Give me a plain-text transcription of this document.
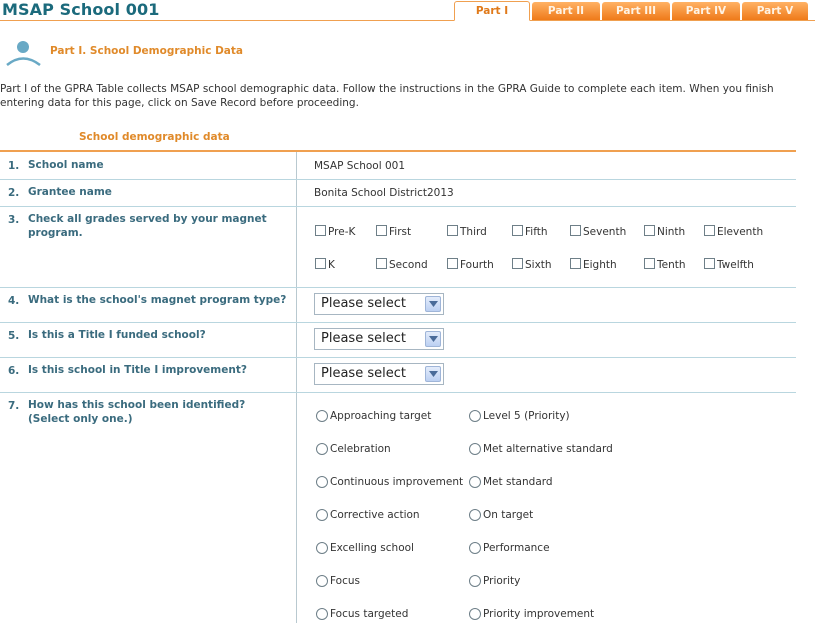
MSAP School 001	Part I	Part II	Part III	Part IV	Part V
Part I. School Demographic Data
Part I of the GPRA Table collects MSAP school demographic data. Follow the instructions in the GPRA Guide to complete each item. When you finish entering data for this page, click on Save Record before proceeding.
School demographic data
1. School name	MSAP School 001
2. Grantee name	Bonita School District2013
3. Check all grades served by your magnet program.	Pre-K	First	Third	Fifth	Seventh	Ninth	Eleventh
K	Second	Fourth	Sixth	Eighth	Tenth	Twelfth
4. What is the school's magnet program type?	Please select
5. Is this a Title I funded school?	Please select
6. Is this school in Title I improvement?	Please select
7. How has this school been identified? (Select only one.)	Approaching target
Celebration
Continuous improvement
Corrective action
Excelling school
Focus
Focus targeted
Level 5 (Priority)
Met alternative standard
Met standard
On target
Performance
Priority
Priority improvement
